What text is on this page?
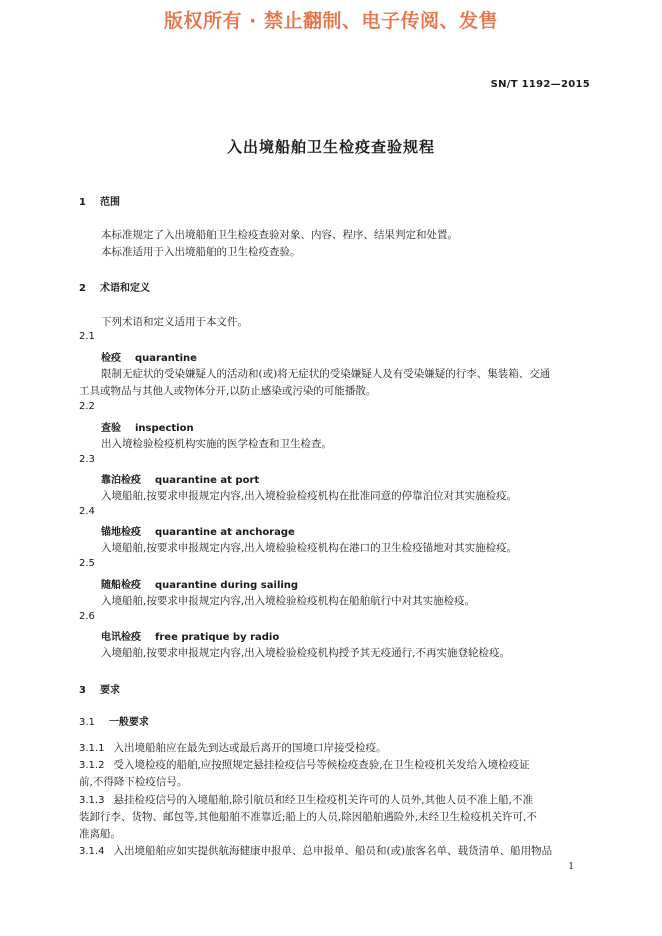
版权所有 · 禁止翻制、电子传阅、发售
SN/T 1192—2015
入出境船舶卫生检疫查验规程
1 范围
本标准规定了入出境船舶卫生检疫查验对象、内容、程序、结果判定和处置。
本标准适用于入出境船舶的卫生检疫查验。
2 术语和定义
下列术语和定义适用于本文件。
2.1
检疫 quarantine
限制无症状的受染嫌疑人的活动和(或)将无症状的受染嫌疑人及有受染嫌疑的行李、集装箱、交通
工具或物品与其他人或物体分开,以防止感染或污染的可能播散。
2.2
查验 inspection
出入境检验检疫机构实施的医学检查和卫生检查。
2.3
靠泊检疫 quarantine at port
入境船舶,按要求申报规定内容,出入境检验检疫机构在批准同意的停靠泊位对其实施检疫。
2.4
锚地检疫 quarantine at anchorage
入境船舶,按要求申报规定内容,出入境检验检疫机构在港口的卫生检疫锚地对其实施检疫。
2.5
随船检疫 quarantine during sailing
入境船舶,按要求申报规定内容,出入境检验检疫机构在船舶航行中对其实施检疫。
2.6
电讯检疫 free pratique by radio
入境船舶,按要求申报规定内容,出入境检验检疫机构授予其无疫通行,不再实施登轮检疫。
3 要求
3.1 一般要求
3.1.1 入出境船舶应在最先到达或最后离开的国境口岸接受检疫。
3.1.2 受入境检疫的船舶,应按照规定悬挂检疫信号等候检疫查验,在卫生检疫机关发给入境检疫证
前,不得降下检疫信号。
3.1.3 悬挂检疫信号的入境船舶,除引航员和经卫生检疫机关许可的人员外,其他人员不准上船,不准
装卸行李、货物、邮包等,其他船舶不准靠近;船上的人员,除因船舶遇险外,未经卫生检疫机关许可,不
准离船。
3.1.4 入出境船舶应如实提供航海健康申报单、总申报单、船员和(或)旅客名单、载货清单、船用物品
1
